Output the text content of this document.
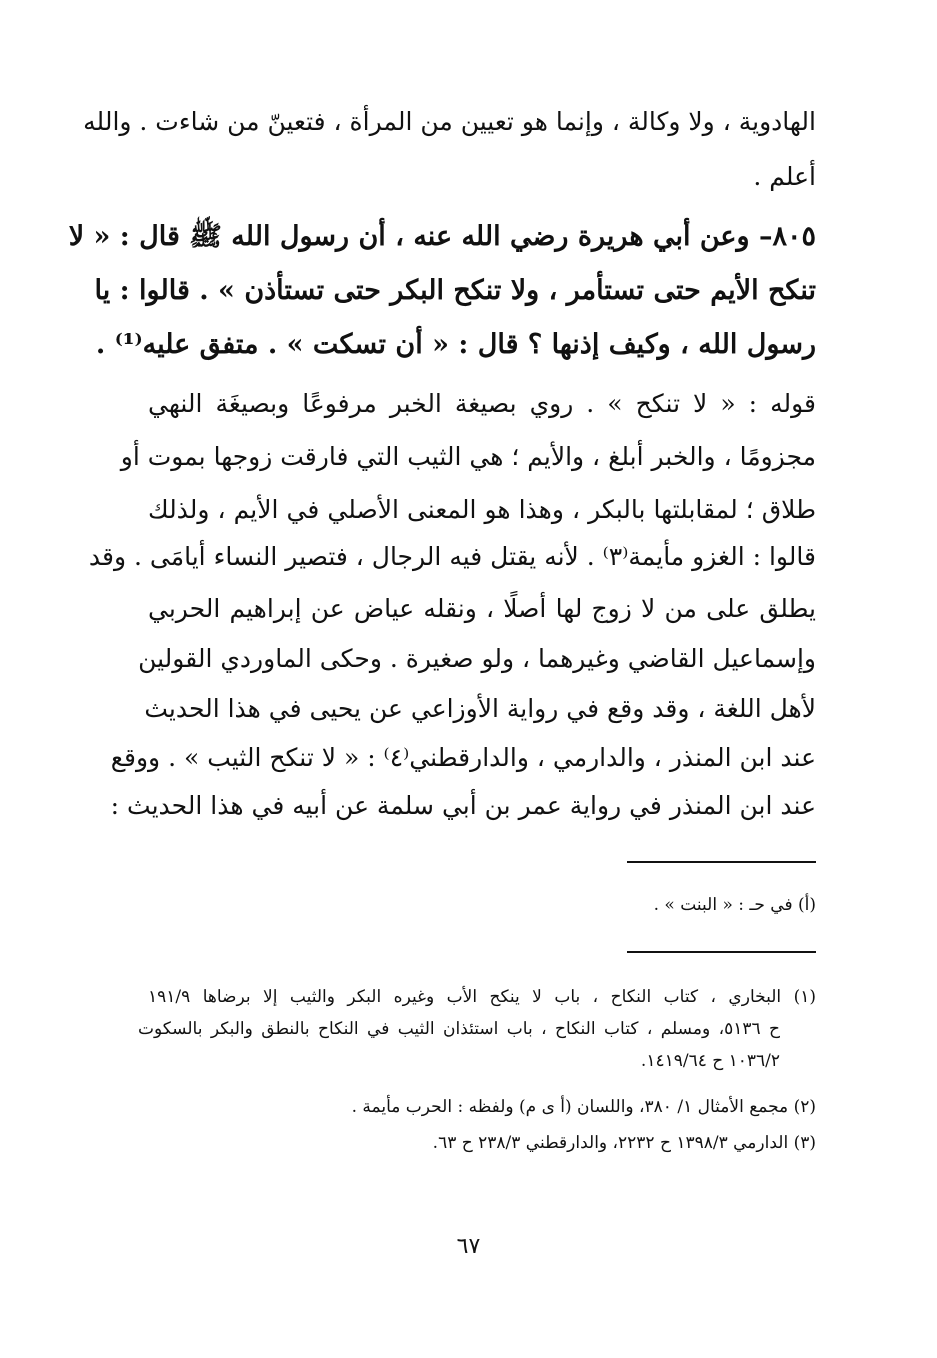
الهادوية ، ولا وكالة ، وإنما هو تعيين من المرأة ، فتعينّ من شاءت . والله
أعلم .
٨٠٥– وعن أبي هريرة رضي الله عنه ، أن رسول الله ﷺ قال : « لا
تنكح الأيم حتى تستأمر ، ولا تنكح البكر حتى تستأذن » . قالوا : يا
رسول الله ، وكيف إذنها ؟ قال : « أن تسكت » . متفق عليه⁽¹⁾ .
قوله : « لا تنكح » . روي بصيغة الخبر مرفوعًا وبصيغَة النهي
مجزومًا ، والخبر أبلغ ، والأيم ؛ هي الثيب التي فارقت زوجها بموت أو
طلاق ؛ لمقابلتها بالبكر ، وهذا هو المعنى الأصلي في الأيم ، ولذلك
قالوا : الغزو مأيمة⁽٣⁾ . لأنه يقتل فيه الرجال ، فتصير النساء أيامَى . وقد
يطلق على من لا زوج لها أصلًا ، ونقله عياض عن إبراهيم الحربي
وإسماعيل القاضي وغيرهما ، ولو صغيرة . وحكى الماوردي القولين
لأهل اللغة ، وقد وقع في رواية الأوزاعي عن يحيى في هذا الحديث
عند ابن المنذر ، والدارمي ، والدارقطني⁽٤⁾ : « لا تنكح الثيب » . ووقع
عند ابن المنذر في رواية عمر بن أبي سلمة عن أبيه في هذا الحديث :
(أ) في حـ : « البنت » .
(١) البخاري ، كتاب النكاح ، باب لا ينكح الأب وغيره البكر والثيب إلا برضاها ١٩١/٩
ح ٥١٣٦، ومسلم ، كتاب النكاح ، باب استئذان الثيب في النكاح بالنطق والبكر بالسكوت
١٠٣٦/٢ ح ١٤١٩/٦٤.
(٢) مجمع الأمثال ١/ ٣٨٠، واللسان (أ ى م) ولفظه : الحرب مأيمة .
(٣) الدارمي ١٣٩٨/٣ ح ٢٢٣٢، والدارقطني ٢٣٨/٣ ح ٦٣.
٦٧
